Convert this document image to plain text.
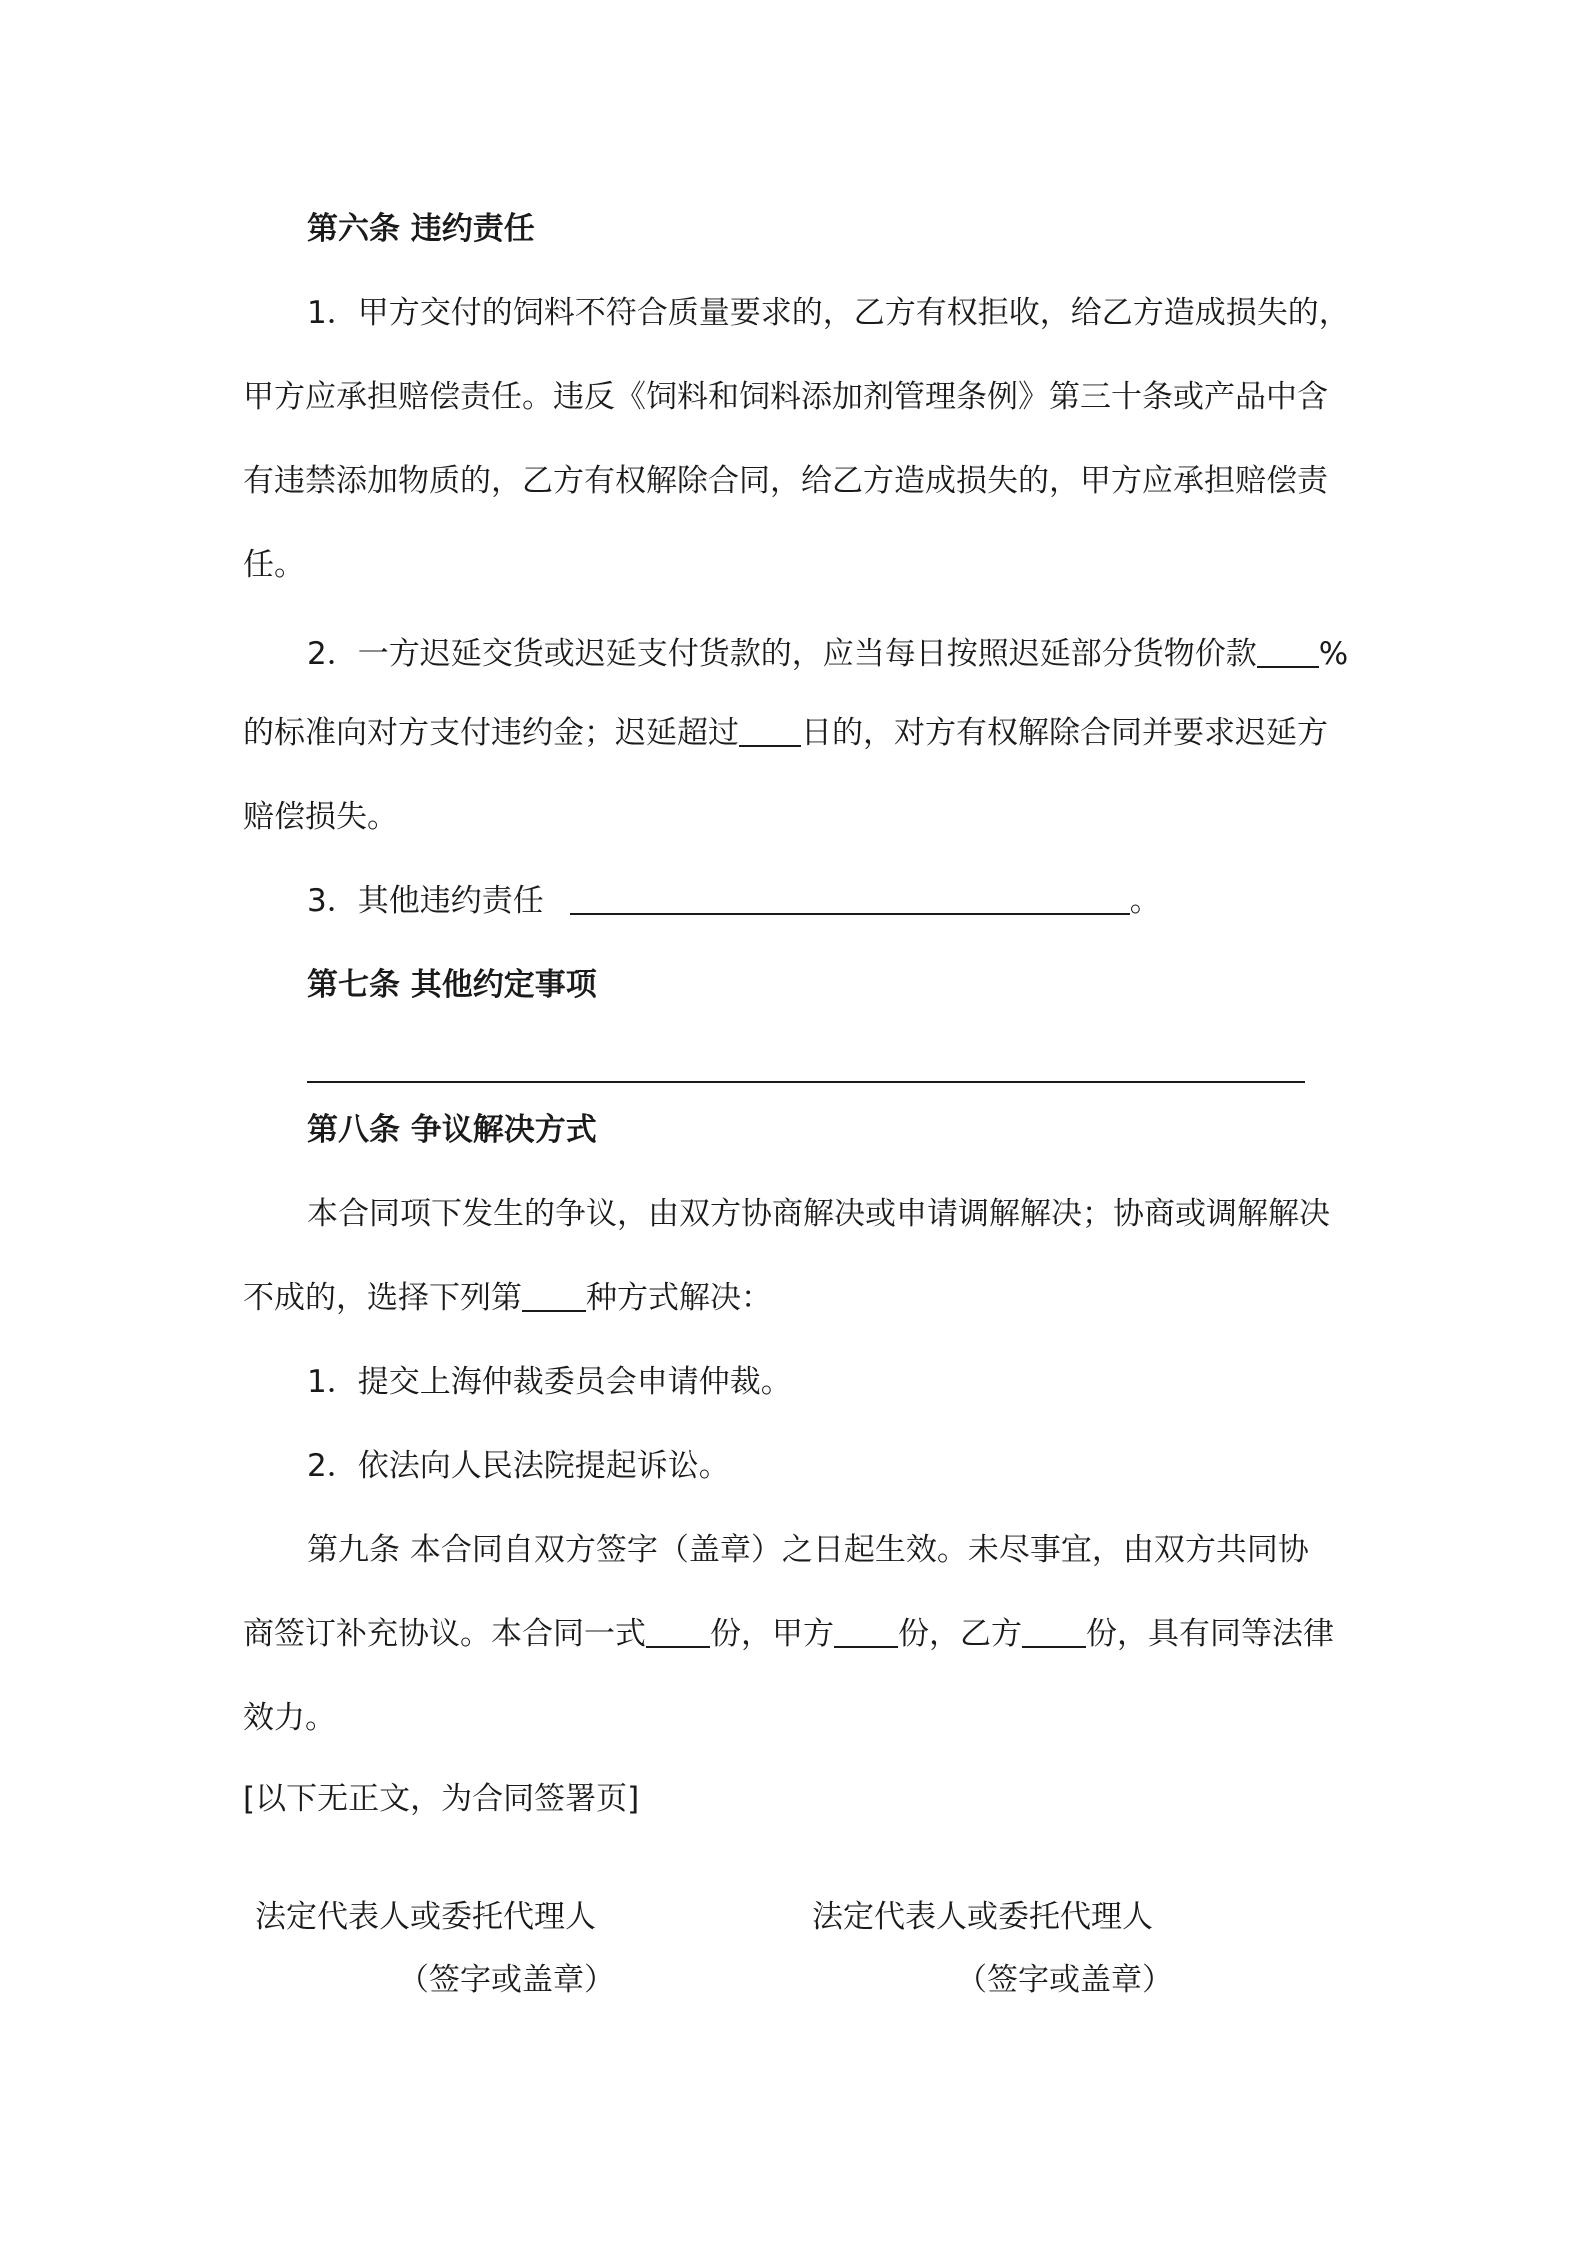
第六条 违约责任
1．甲方交付的饲料不符合质量要求的，乙方有权拒收，给乙方造成损失的，
甲方应承担赔偿责任。违反《饲料和饲料添加剂管理条例》第三十条或产品中含
有违禁添加物质的，乙方有权解除合同，给乙方造成损失的，甲方应承担赔偿责
任。
2．一方迟延交货或迟延支付货款的，应当每日按照迟延部分货物价款 %
的标准向对方支付违约金；迟延超过 日的，对方有权解除合同并要求迟延方
赔偿损失。
3．其他违约责任	。
第七条 其他约定事项
第八条 争议解决方式
本合同项下发生的争议，由双方协商解决或申请调解解决；协商或调解解决
不成的，选择下列第 种方式解决：
1．提交上海仲裁委员会申请仲裁。
2．依法向人民法院提起诉讼。
第九条 本合同自双方签字（盖章）之日起生效。未尽事宜，由双方共同协
商签订补充协议。本合同一式 份，甲方 份，乙方 份，具有同等法律
效力。
[以下无正文，为合同签署页]
法定代表人或委托代理人
（签字或盖章）
法定代表人或委托代理人
（签字或盖章）
